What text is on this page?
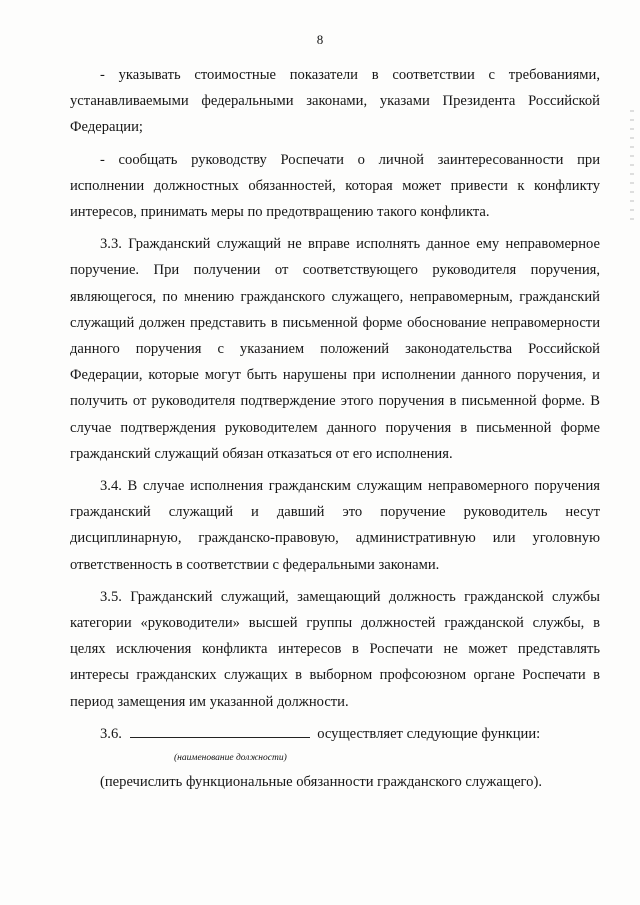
8

- указывать стоимостные показатели в соответствии с требованиями, устанавливаемыми федеральными законами, указами Президента Российской Федерации;

- сообщать руководству Роспечати о личной заинтересованности при исполнении должностных обязанностей, которая может привести к конфликту интересов, принимать меры по предотвращению такого конфликта.

3.3. Гражданский служащий не вправе исполнять данное ему неправомерное поручение. При получении от соответствующего руководителя поручения, являющегося, по мнению гражданского служащего, неправомерным, гражданский служащий должен представить в письменной форме обоснование неправомерности данного поручения с указанием положений законодательства Российской Федерации, которые могут быть нарушены при исполнении данного поручения, и получить от руководителя подтверждение этого поручения в письменной форме. В случае подтверждения руководителем данного поручения в письменной форме гражданский служащий обязан отказаться от его исполнения.

3.4. В случае исполнения гражданским служащим неправомерного поручения гражданский служащий и давший это поручение руководитель несут дисциплинарную, гражданско-правовую, административную или уголовную ответственность в соответствии с федеральными законами.

3.5. Гражданский служащий, замещающий должность гражданской службы категории «руководители» высшей группы должностей гражданской службы, в целях исключения конфликта интересов в Роспечати не может представлять интересы гражданских служащих в выборном профсоюзном органе Роспечати в период замещения им указанной должности.

3.6.	осуществляет следующие функции:
(наименование должности)
(перечислить функциональные обязанности гражданского служащего).
